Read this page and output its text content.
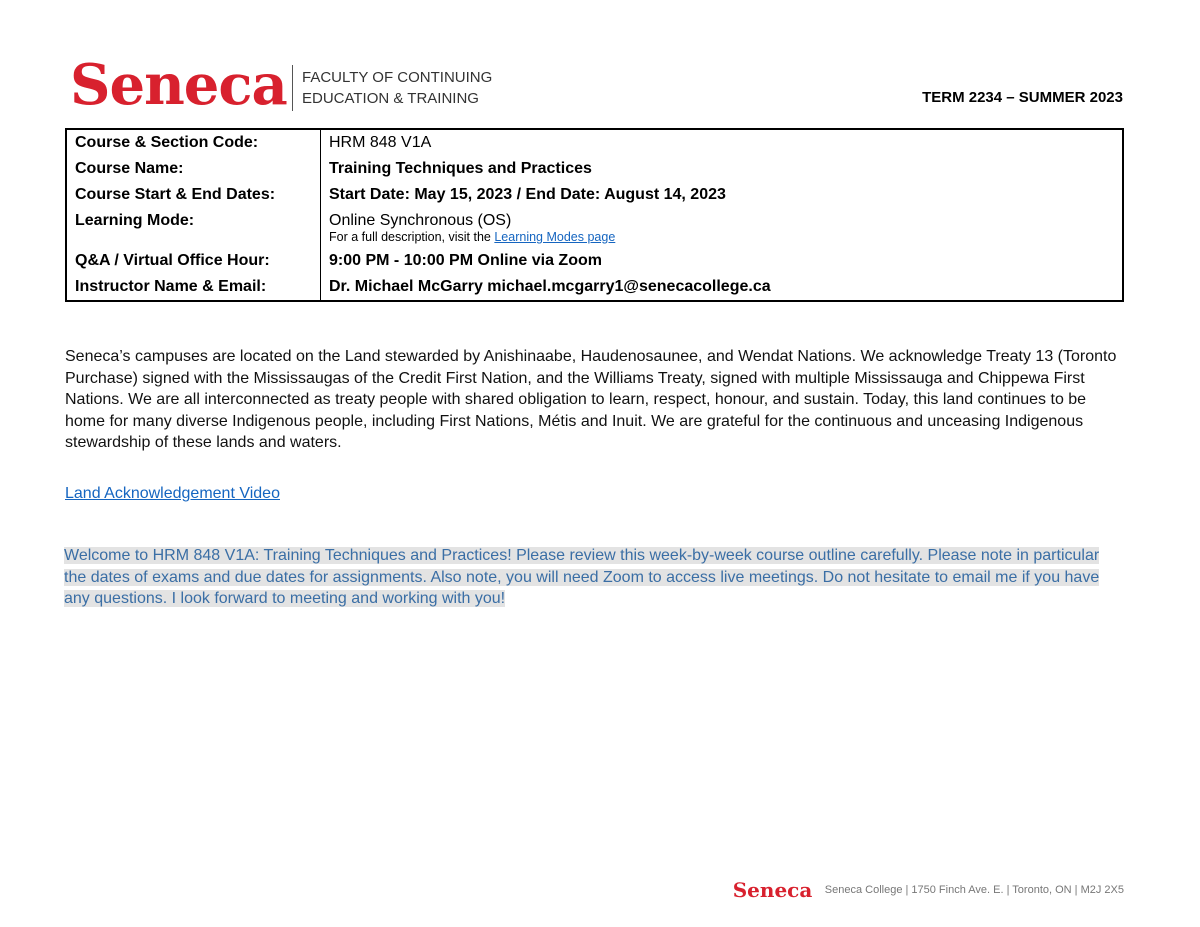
Seneca FACULTY OF CONTINUING
EDUCATION & TRAINING	TERM 2234 – SUMMER 2023
Course & Section Code:	HRM 848 V1A
Course Name:	Training Techniques and Practices
Course Start & End Dates:	Start Date: May 15, 2023 / End Date: August 14, 2023
Learning Mode:	Online Synchronous (OS)
For a full description, visit the Learning Modes page

Q&A / Virtual Office Hour:	9:00 PM - 10:00 PM Online via Zoom
Instructor Name & Email:	Dr. Michael McGarry michael.mcgarry1@senecacollege.ca
Seneca’s campuses are located on the Land stewarded by Anishinaabe, Haudenosaunee, and Wendat Nations. We acknowledge Treaty 13 (Toronto Purchase) signed with the Mississaugas of the Credit First Nation, and the Williams Treaty, signed with multiple Mississauga and Chippewa First Nations. We are all interconnected as treaty people with shared obligation to learn, respect, honour, and sustain. Today, this land continues to be home for many diverse Indigenous people, including First Nations, Métis and Inuit. We are grateful for the continuous and unceasing Indigenous stewardship of these lands and waters.
Land Acknowledgement Video
Welcome to HRM 848 V1A: Training Techniques and Practices! Please review this week-by-week course outline carefully. Please note in particular the dates of exams and due dates for assignments. Also note, you will need Zoom to access live meetings. Do not hesitate to email me if you have any questions. I look forward to meeting and working with you!
Seneca Seneca College | 1750 Finch Ave. E. | Toronto, ON | M2J 2X5
